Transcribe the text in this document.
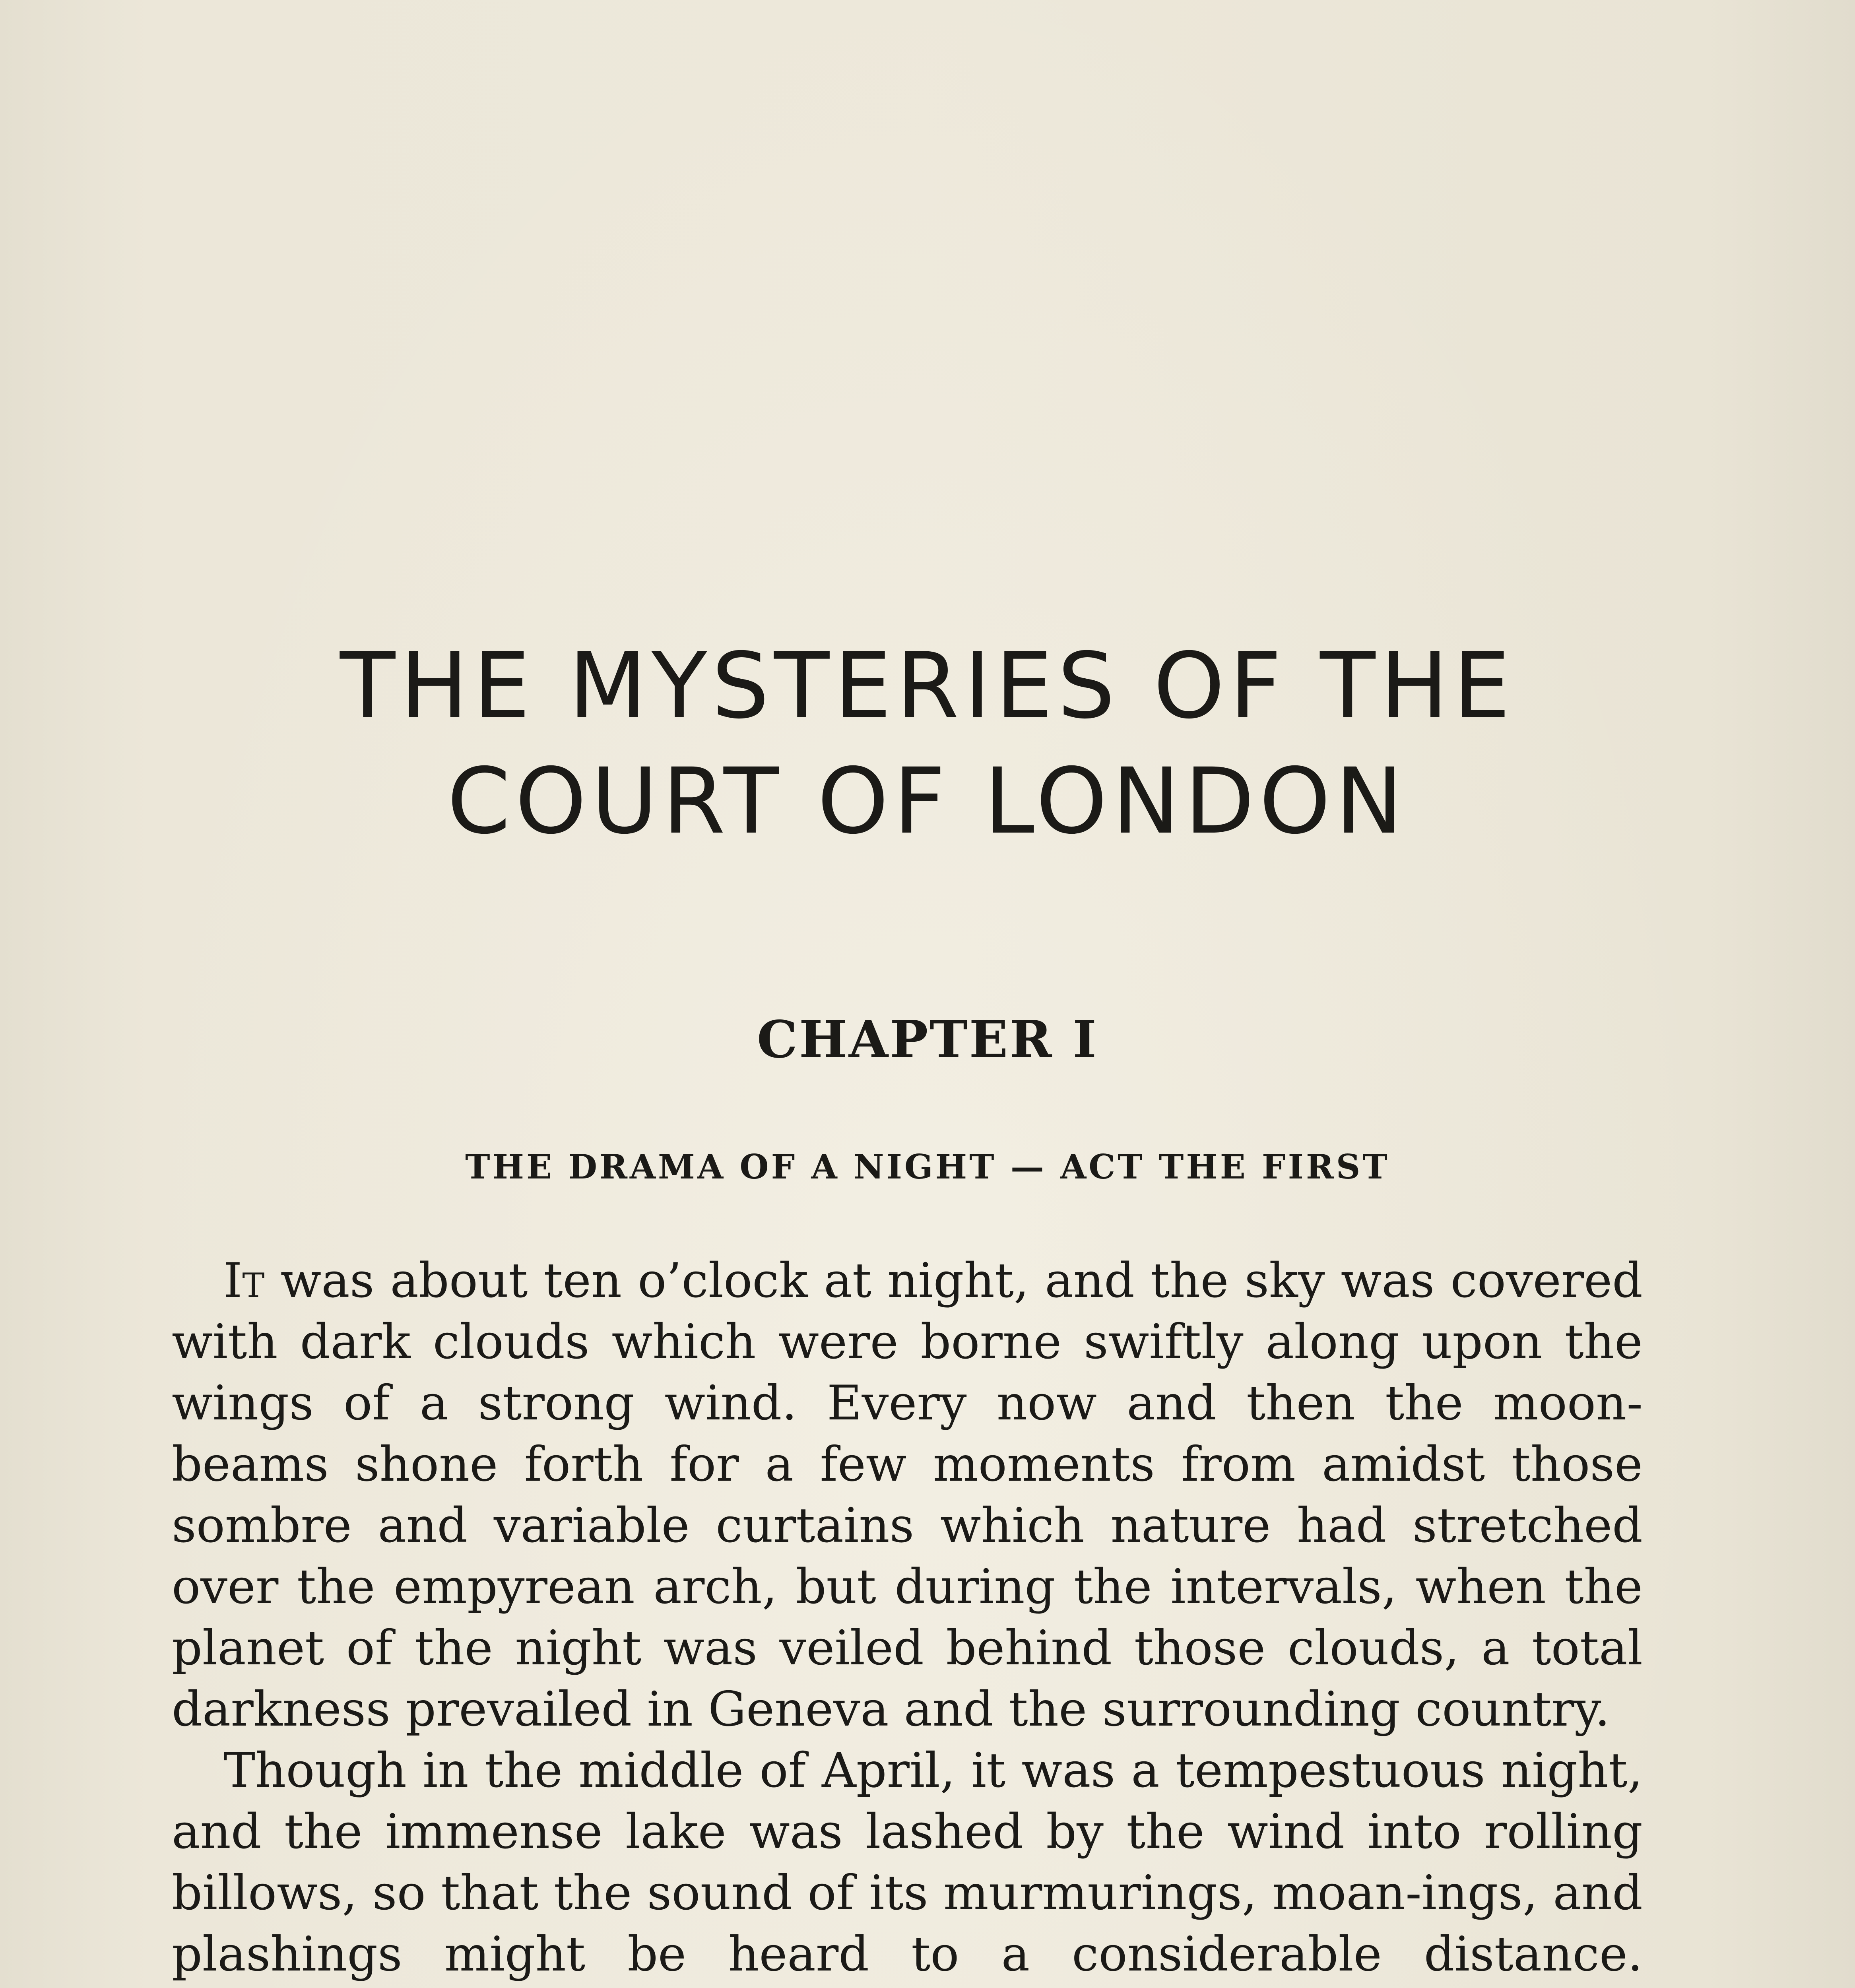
THE MYSTERIES OF THE
COURT OF LONDON
CHAPTER I
THE DRAMA OF A NIGHT — ACT THE FIRST

It was about ten o’clock at night, and the sky was covered with dark clouds which were borne swiftly along upon the wings of a strong wind. Every now and then the moon-beams shone forth for a few moments from amidst those sombre and variable curtains which nature had stretched over the empyrean arch, but during the intervals, when the planet of the night was veiled behind those clouds, a total darkness prevailed in Geneva and the surrounding country.

Though in the middle of April, it was a tempestuous night, and the immense lake was lashed by the wind into rolling billows, so that the sound of its murmurings, moan-ings, and plashings might be heard to a considerable distance.
